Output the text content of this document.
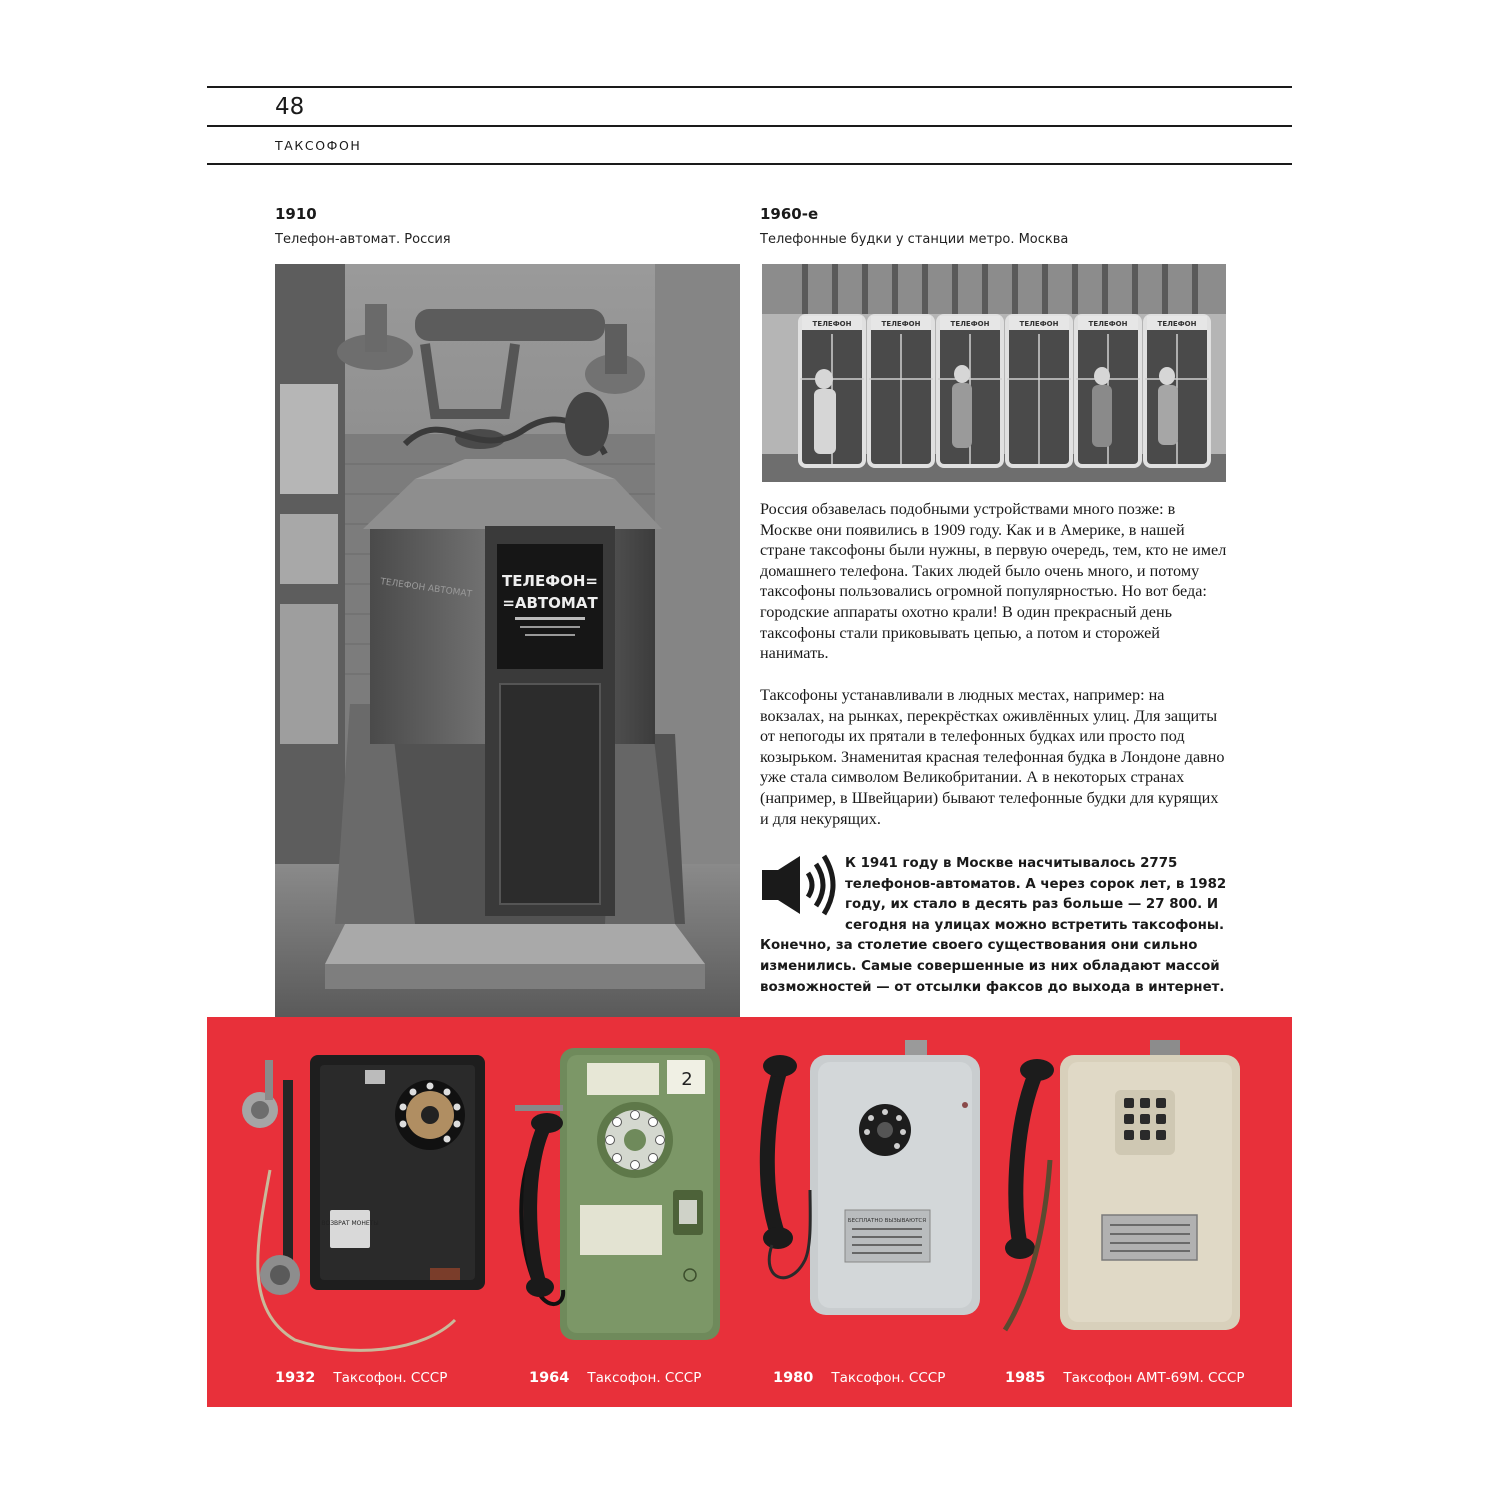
48
ТАКСОФОН
1910
Телефон-автомат. Россия
ТЕЛЕФОН=
=АВТОМАТ
ТЕЛЕФОН АВТОМАТ
1960-е
Телефонные будки у станции метро. Москва
ТЕЛЕФОН	ТЕЛЕФОН	ТЕЛЕФОН	ТЕЛЕФОН	ТЕЛЕФОН	ТЕЛЕФОН

Россия обзавелась подобными устройствами много позже: в Москве они появились в 1909 году. Как и в Америке, в нашей стране таксофоны были нужны, в первую очередь, тем, кто не имел домашнего телефона. Таких людей было очень много, и потому таксофоны пользовались огромной популярностью. Но вот беда: городские аппараты охотно крали! В один прекрасный день таксофоны стали приковывать цепью, а потом и сторожей нанимать.

Таксофоны устанавливали в людных местах, например: на вокзалах, на рынках, перекрёстках оживлённых улиц. Для защиты от непогоды их прятали в телефонных будках или просто под козырьком. Знаменитая красная телефонная будка в Лондоне давно уже стала символом Великобритании. А в некоторых странах (например, в Швейцарии) бывают телефонные будки для курящих и для некурящих.

К 1941 году в Москве насчитывалось 2775 телефонов-автоматов. А через сорок лет, в 1982 году, их стало в десять раз больше — 27 800. И сегодня на улицах можно встретить таксофоны. Конечно, за столетие своего существования они сильно изменились. Самые совершенные из них обладают массой возможностей — от отсылки факсов до выхода в интернет.

ВОЗВРАТ МОНЕТЫ
2
БЕСПЛАТНО ВЫЗЫВАЮТСЯ
1932 Таксофон. СССР	1964 Таксофон. СССР	1980 Таксофон. СССР	1985 Таксофон АМТ-69М. СССР
